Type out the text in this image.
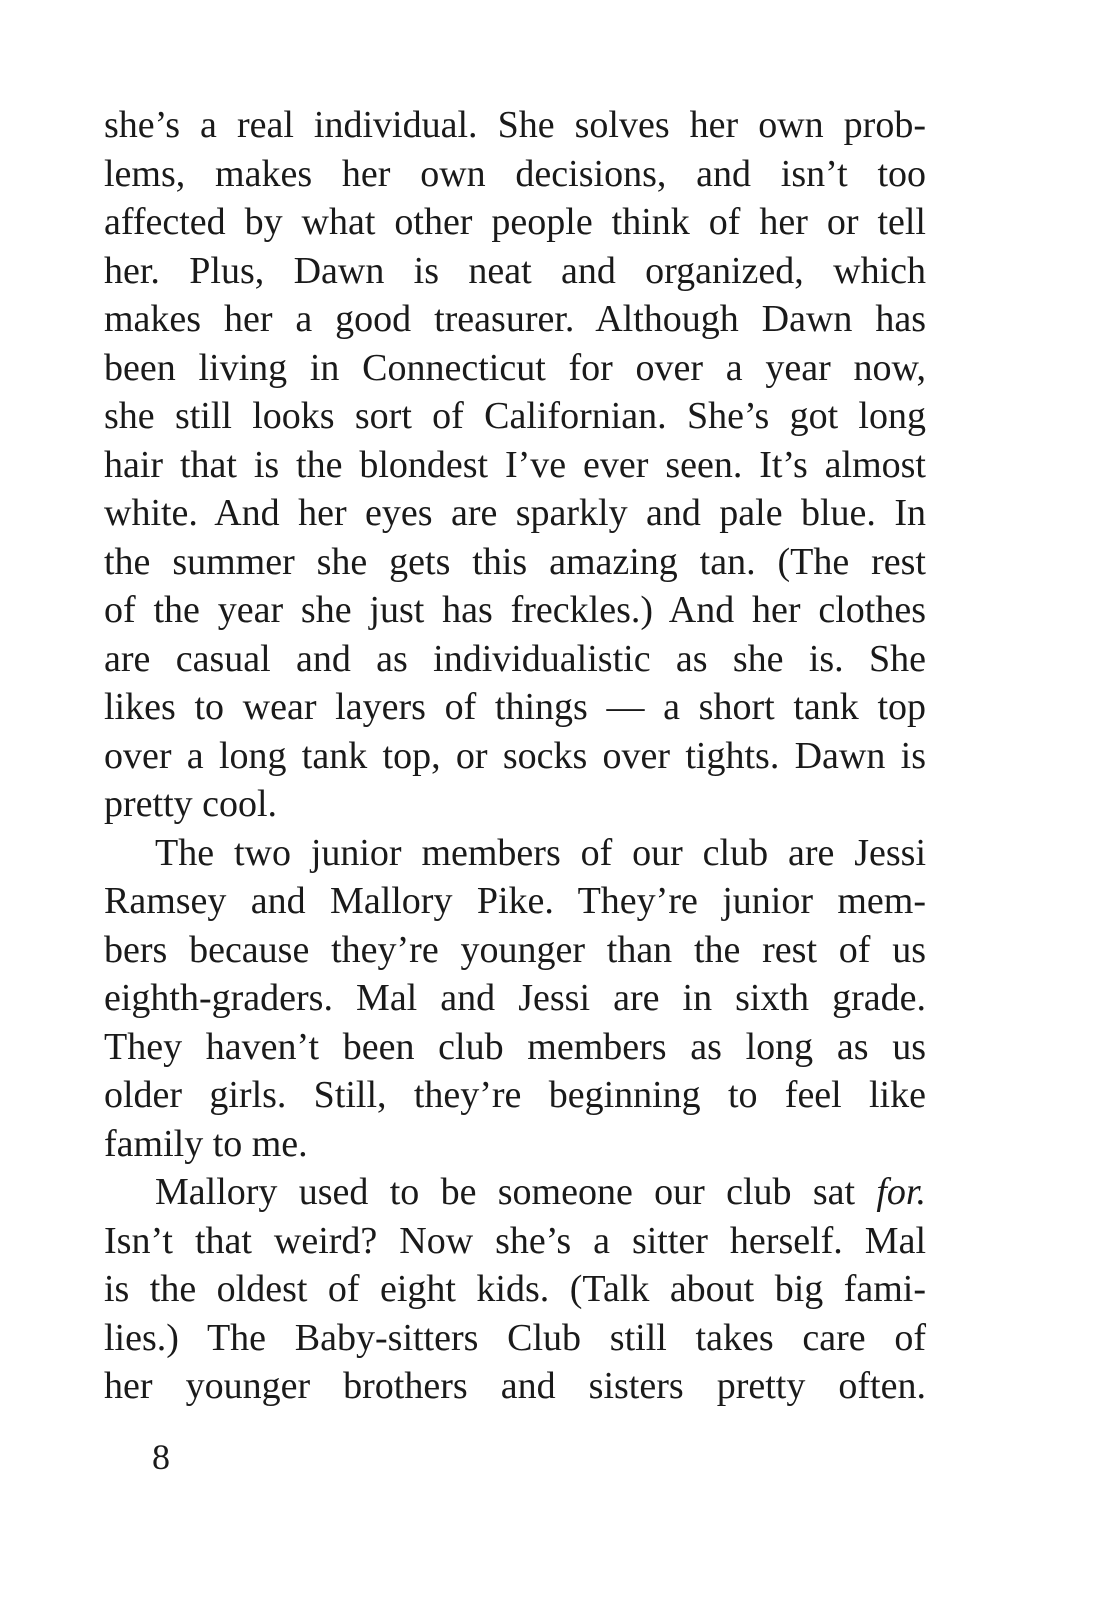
she’s a real individual. She solves her own prob-
lems, makes her own decisions, and isn’t too
affected by what other people think of her or tell
her. Plus, Dawn is neat and organized, which
makes her a good treasurer. Although Dawn has
been living in Connecticut for over a year now,
she still looks sort of Californian. She’s got long
hair that is the blondest I’ve ever seen. It’s almost
white. And her eyes are sparkly and pale blue. In
the summer she gets this amazing tan. (The rest
of the year she just has freckles.) And her clothes
are casual and as individualistic as she is. She
likes to wear layers of things — a short tank top
over a long tank top, or socks over tights. Dawn is
pretty cool.
The two junior members of our club are Jessi
Ramsey and Mallory Pike. They’re junior mem-
bers because they’re younger than the rest of us
eighth-graders. Mal and Jessi are in sixth grade.
They haven’t been club members as long as us
older girls. Still, they’re beginning to feel like
family to me.
Mallory used to be someone our club sat for.
Isn’t that weird? Now she’s a sitter herself. Mal
is the oldest of eight kids. (Talk about big fami-
lies.) The Baby-sitters Club still takes care of
her younger brothers and sisters pretty often.
8
